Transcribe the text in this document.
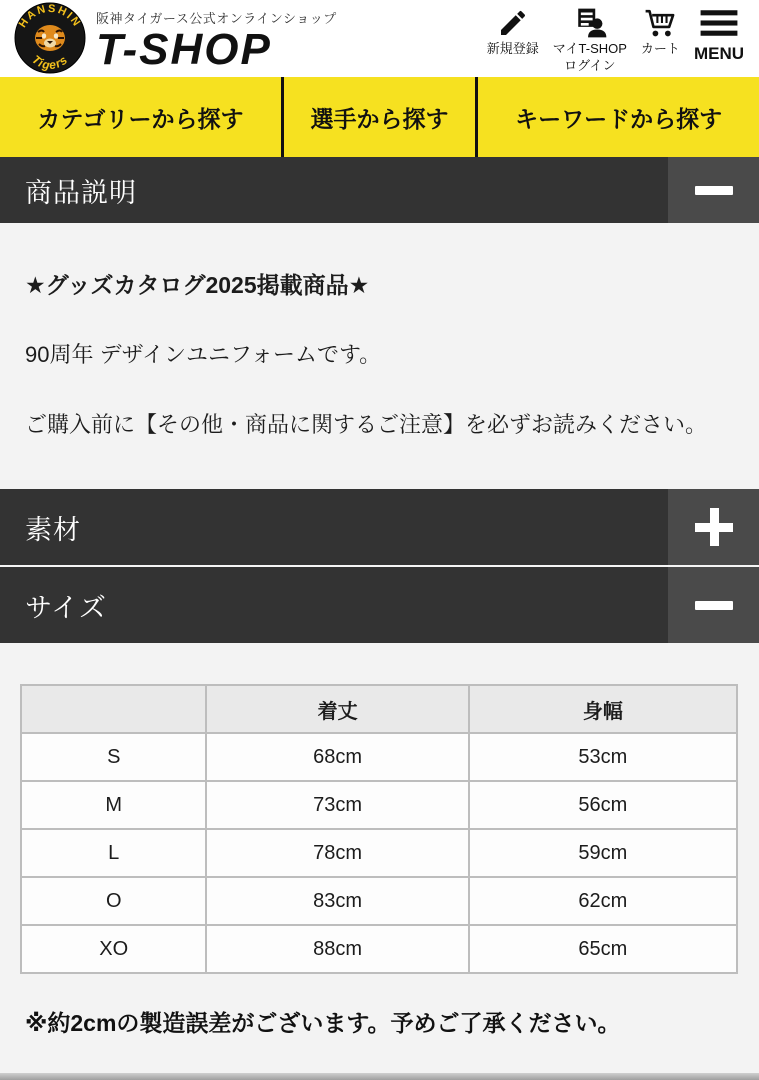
HANSHIN
Tigers
阪神タイガース公式オンラインショップ
T-SHOP	新規登録 マイT-SHOP
ログイン
カート MENU
カテゴリーから探す	選手から探す	キーワードから探す
商品説明
★グッズカタログ2025掲載商品★
90周年 デザインユニフォームです。
ご購入前に【その他・商品に関するご注意】を必ずお読みください。
素材
サイズ
	着丈	身幅
S	68cm	53cm
M	73cm	56cm
L	78cm	59cm
O	83cm	62cm
XO	88cm	65cm
※約2cmの製造誤差がございます。予めご了承ください。
